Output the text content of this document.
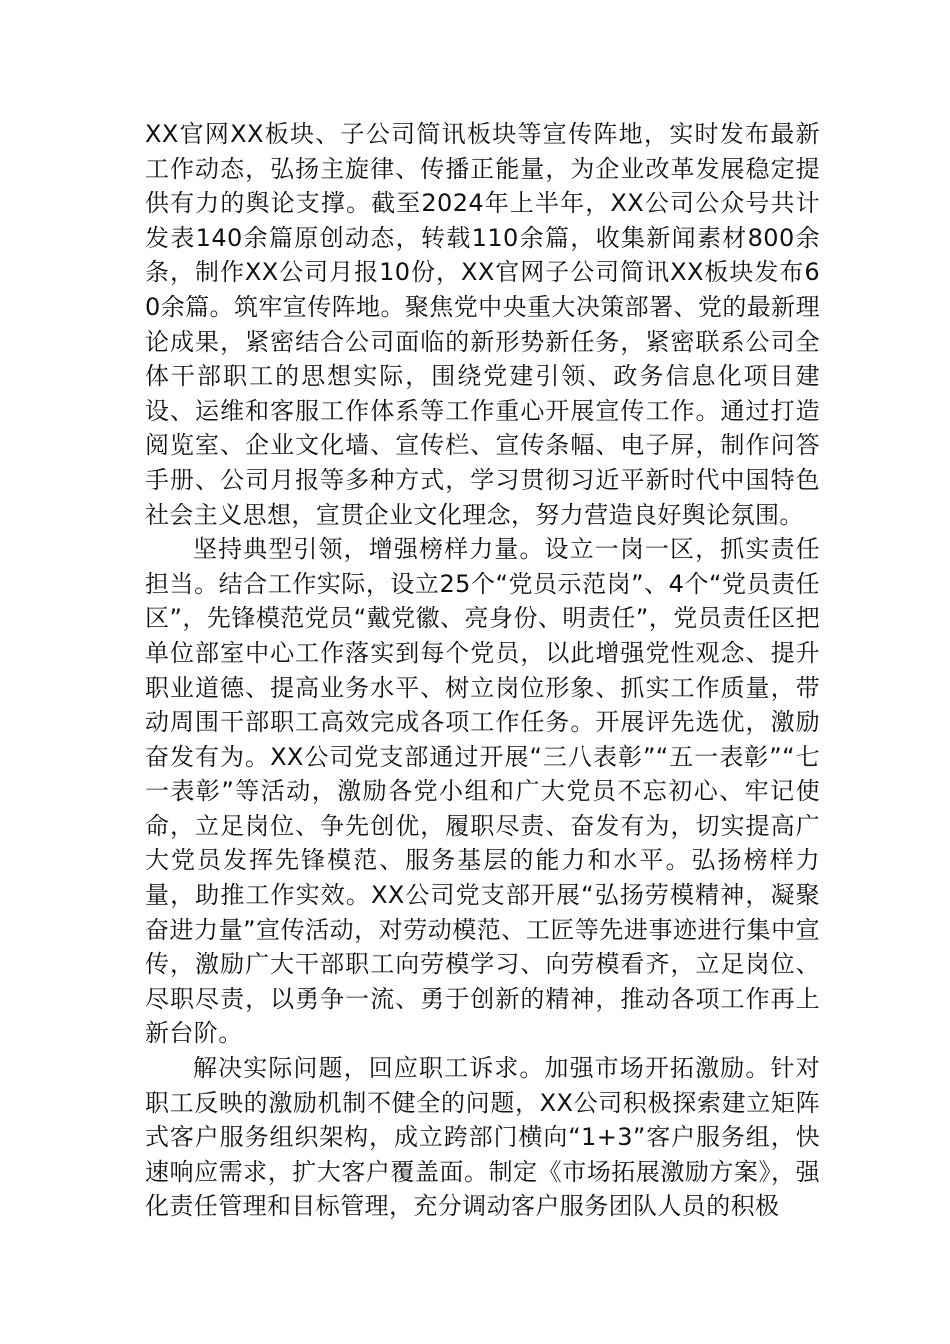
XX官网XX板块、子公司简讯板块等宣传阵地，实时发布最新工作动态，弘扬主旋律、传播正能量，为企业改革发展稳定提供有力的舆论支撑。截至2024年上半年，XX公司公众号共计发表140余篇原创动态，转载110余篇，收集新闻素材800余条，制作XX公司月报10份，XX官网子公司简讯XX板块发布60余篇。筑牢宣传阵地。聚焦党中央重大决策部署、党的最新理论成果，紧密结合公司面临的新形势新任务，紧密联系公司全体干部职工的思想实际，围绕党建引领、政务信息化项目建设、运维和客服工作体系等工作重心开展宣传工作。通过打造阅览室、企业文化墙、宣传栏、宣传条幅、电子屏，制作问答手册、公司月报等多种方式，学习贯彻习近平新时代中国特色社会主义思想，宣贯企业文化理念，努力营造良好舆论氛围。

坚持典型引领，增强榜样力量。设立一岗一区，抓实责任担当。结合工作实际，设立25个“党员示范岗”、4个“党员责任区”，先锋模范党员“戴党徽、亮身份、明责任”，党员责任区把单位部室中心工作落实到每个党员，以此增强党性观念、提升职业道德、提高业务水平、树立岗位形象、抓实工作质量，带动周围干部职工高效完成各项工作任务。开展评先选优，激励奋发有为。XX公司党支部通过开展“三八表彰”“五一表彰”“七一表彰”等活动，激励各党小组和广大党员不忘初心、牢记使命，立足岗位、争先创优，履职尽责、奋发有为，切实提高广大党员发挥先锋模范、服务基层的能力和水平。弘扬榜样力量，助推工作实效。XX公司党支部开展“弘扬劳模精神，凝聚奋进力量”宣传活动，对劳动模范、工匠等先进事迹进行集中宣传，激励广大干部职工向劳模学习、向劳模看齐，立足岗位、尽职尽责，以勇争一流、勇于创新的精神，推动各项工作再上新台阶。

解决实际问题，回应职工诉求。加强市场开拓激励。针对职工反映的激励机制不健全的问题，XX公司积极探索建立矩阵式客户服务组织架构，成立跨部门横向“1+3”客户服务组，快速响应需求，扩大客户覆盖面。制定《市场拓展激励方案》，强化责任管理和目标管理，充分调动客户服务团队人员的积极
